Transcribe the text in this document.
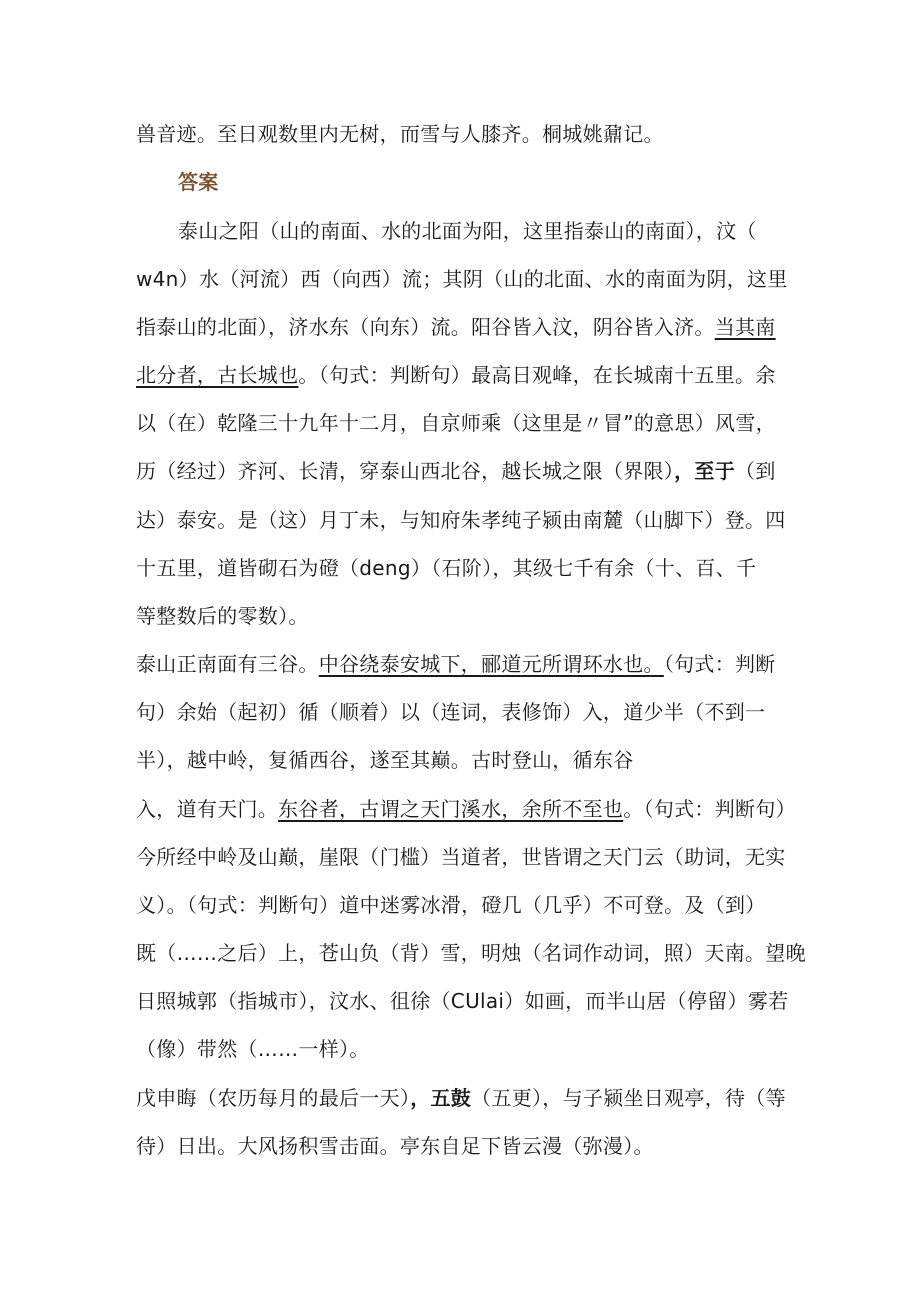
兽音迹。至日观数里内无树，而雪与人膝齐。桐城姚鼐记。
答案
泰山之阳（山的南面、水的北面为阳，这里指泰山的南面），汶（
w4n）水（河流）西（向西）流；其阴（山的北面、水的南面为阴，这里
指泰山的北面），济水东（向东）流。阳谷皆入汶，阴谷皆入济。当其南
北分者，古长城也。（句式：判断句）最高日观峰，在长城南十五里。余
以（在）乾隆三十九年十二月，自京师乘（这里是〃冒”的意思）风雪，
历（经过）齐河、长清，穿泰山西北谷，越长城之限（界限），至于（到
达）泰安。是（这）月丁未，与知府朱孝纯子颍由南麓（山脚下）登。四
十五里，道皆砌石为磴（deng）（石阶），其级七千有余（十、百、千
等整数后的零数）。
泰山正南面有三谷。中谷绕泰安城下，郦道元所谓环水也。（句式：判断
句）余始（起初）循（顺着）以（连词，表修饰）入，道少半（不到一
半），越中岭，复循西谷，遂至其巅。古时登山，循东谷
入，道有天门。东谷者，古谓之天门溪水，余所不至也。（句式：判断句）
今所经中岭及山巅，崖限（门槛）当道者，世皆谓之天门云（助词，无实
义）。（句式：判断句）道中迷雾冰滑，磴几（几乎）不可登。及（到）
既（……之后）上，苍山负（背）雪，明烛（名词作动词，照）天南。望晚
日照城郭（指城市），汶水、徂徐（CUlai）如画，而半山居（停留）雾若
（像）带然（……一样）。
戊申晦（农历每月的最后一天），五鼓（五更），与子颍坐日观亭，待（等
待）日出。大风扬积雪击面。亭东自足下皆云漫（弥漫）。
